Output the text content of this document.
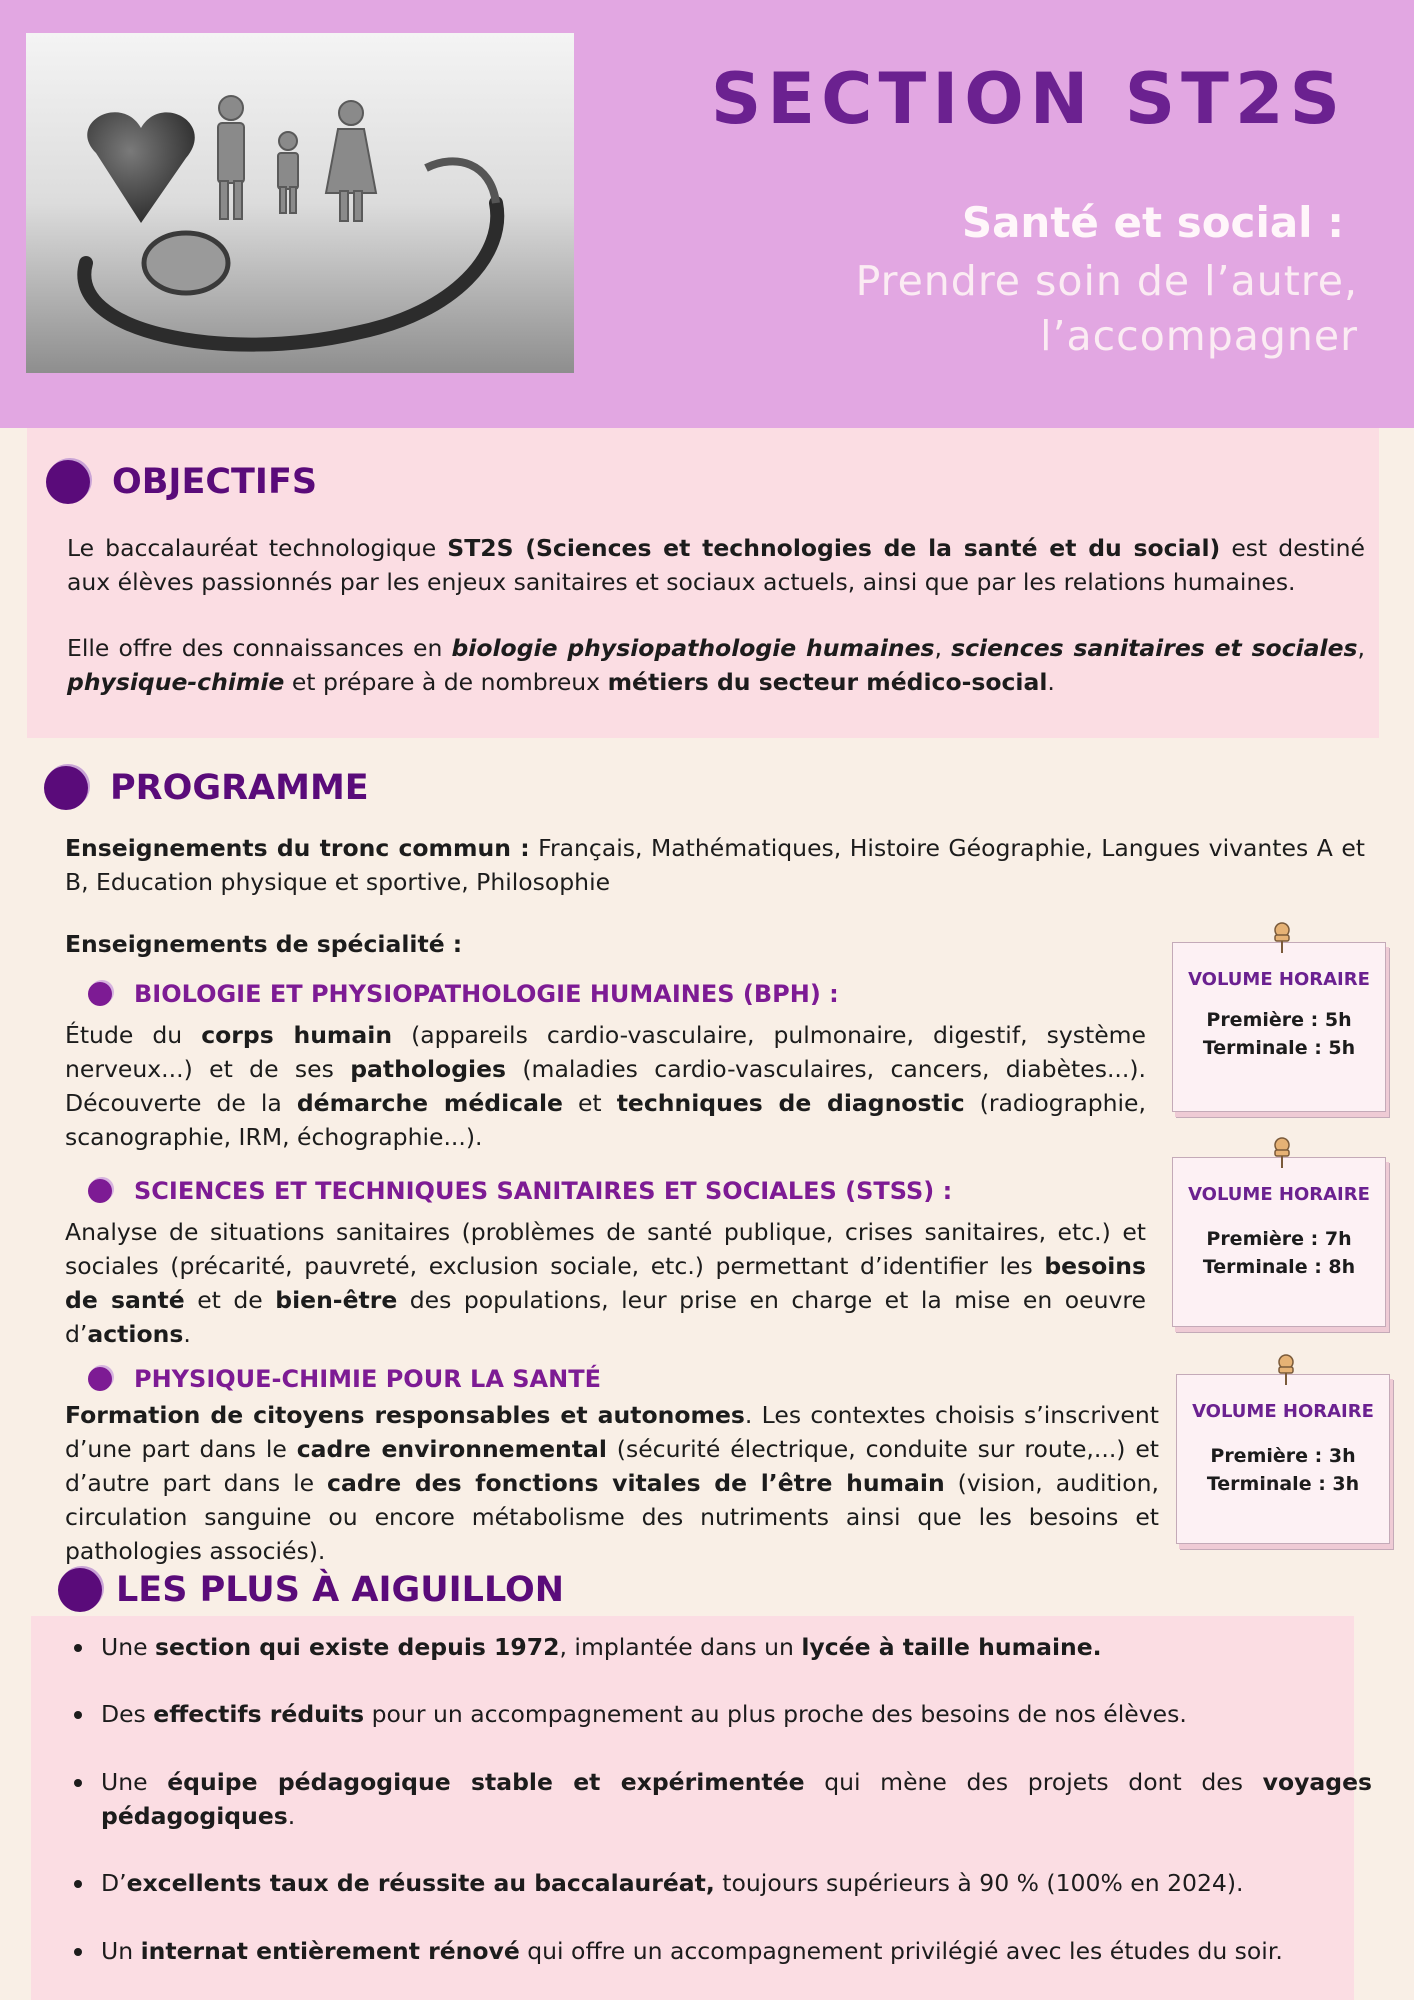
SECTION ST2S
Santé et social :
Prendre soin de l’autre,
l’accompagner
OBJECTIFS

Le baccalauréat technologique ST2S (Sciences et technologies de la santé et du social) est destiné aux élèves passionnés par les enjeux sanitaires et sociaux actuels, ainsi que par les relations humaines.

Elle offre des connaissances en biologie physiopathologie humaines, sciences sanitaires et sociales, physique-chimie et prépare à de nombreux métiers du secteur médico-social.

PROGRAMME

Enseignements du tronc commun : Français, Mathématiques, Histoire Géographie, Langues vivantes A et B, Education physique et sportive, Philosophie

Enseignements de spécialité :

BIOLOGIE ET PHYSIOPATHOLOGIE HUMAINES (BPH) :

Étude du corps humain (appareils cardio-vasculaire, pulmonaire, digestif, système nerveux...) et de ses pathologies (maladies cardio-vasculaires, cancers, diabètes...). Découverte de la démarche médicale et techniques de diagnostic (radiographie, scanographie, IRM, échographie...).

SCIENCES ET TECHNIQUES SANITAIRES ET SOCIALES (STSS) :

Analyse de situations sanitaires (problèmes de santé publique, crises sanitaires, etc.) et sociales (précarité, pauvreté, exclusion sociale, etc.) permettant d’identifier les besoins de santé et de bien-être des populations, leur prise en charge et la mise en oeuvre d’actions.

PHYSIQUE-CHIMIE POUR LA SANTÉ

Formation de citoyens responsables et autonomes. Les contextes choisis s’inscrivent d’une part dans le cadre environnemental (sécurité électrique, conduite sur route,...) et d’autre part dans le cadre des fonctions vitales de l’être humain (vision, audition, circulation sanguine ou encore métabolisme des nutriments ainsi que les besoins et pathologies associés).

VOLUME HORAIRE
Première : 5h
Terminale : 5h
VOLUME HORAIRE
Première : 7h
Terminale : 8h
VOLUME HORAIRE
Première : 3h
Terminale : 3h
LES PLUS À AIGUILLON
Une section qui existe depuis 1972, implantée dans un lycée à taille humaine.
Des effectifs réduits pour un accompagnement au plus proche des besoins de nos élèves.
Une équipe pédagogique stable et expérimentée qui mène des projets dont des voyages pédagogiques.
D’excellents taux de réussite au baccalauréat, toujours supérieurs à 90 % (100% en 2024).
Un internat entièrement rénové qui offre un accompagnement privilégié avec les études du soir.
